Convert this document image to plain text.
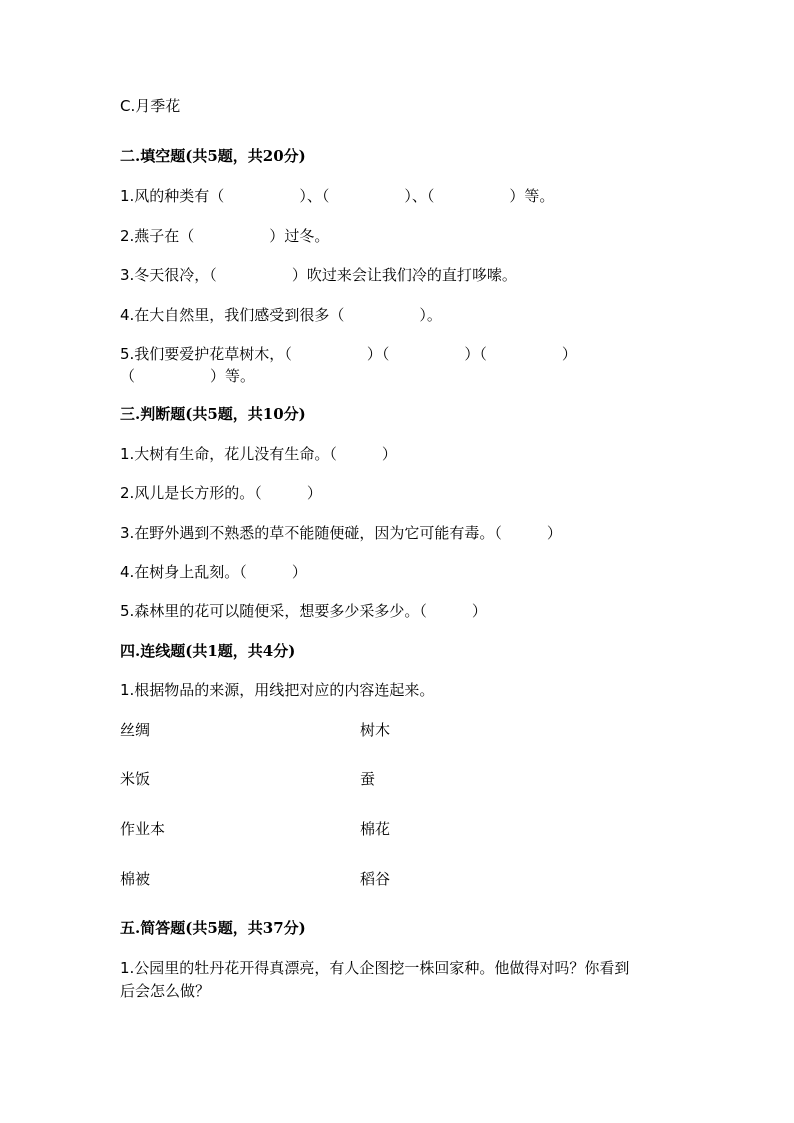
C.月季花
二.填空题(共5题，共20分)
1.风的种类有（　　　　　）、（　　　　　）、（　　　　　）等。
2.燕子在（　　　　　）过冬。
3.冬天很冷，（　　　　　）吹过来会让我们冷的直打哆嗦。
4.在大自然里，我们感受到很多（　　　　　）。
5.我们要爱护花草树木，（　　　　　）（　　　　　）（　　　　　）
（　　　　　）等。
三.判断题(共5题，共10分)
1.大树有生命，花儿没有生命。（　　　）
2.风儿是长方形的。（　　　）
3.在野外遇到不熟悉的草不能随便碰，因为它可能有毒。（　　　）
4.在树身上乱刻。（　　　）
5.森林里的花可以随便采，想要多少采多少。（　　　）
四.连线题(共1题，共4分)
1.根据物品的来源，用线把对应的内容连起来。
丝绸	树木
米饭	蚕
作业本	棉花
棉被	稻谷
五.简答题(共5题，共37分)
1.公园里的牡丹花开得真漂亮，有人企图挖一株回家种。他做得对吗？你看到
后会怎么做？
